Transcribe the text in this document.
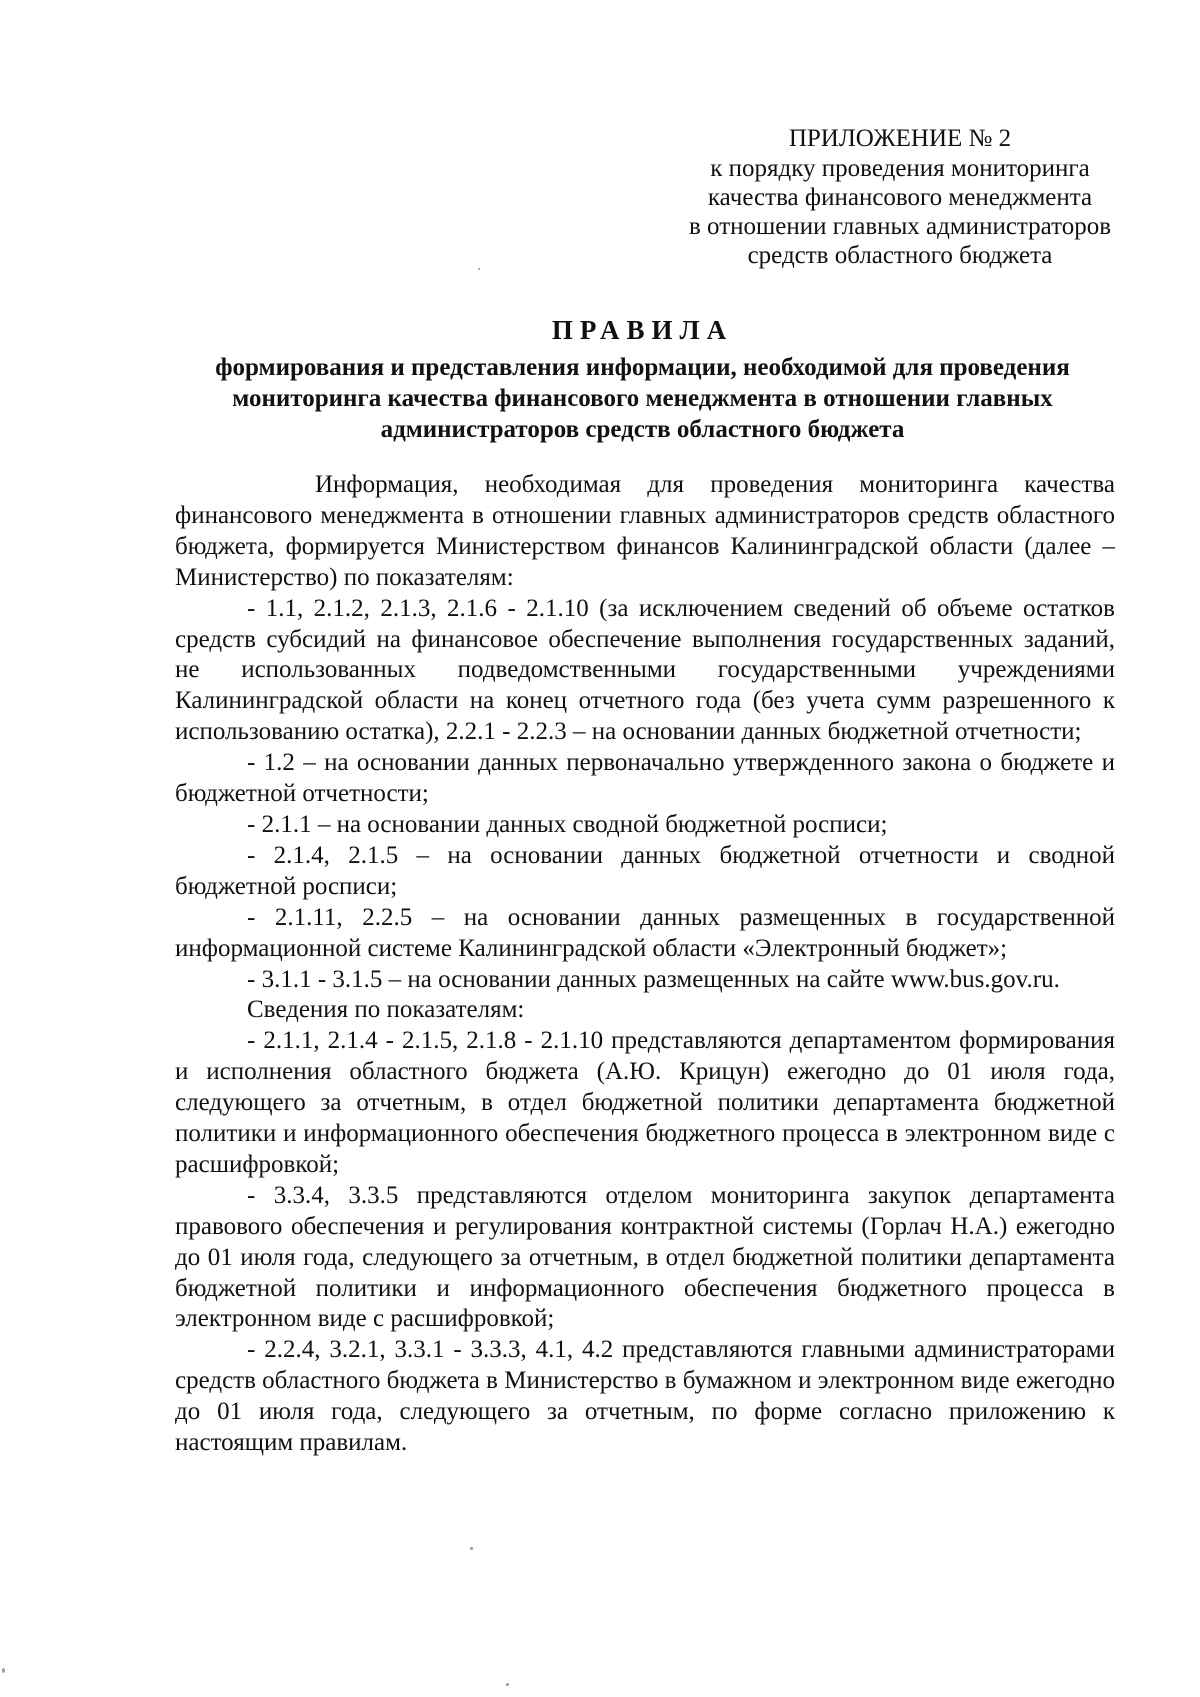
ПРИЛОЖЕНИЕ № 2
к порядку проведения мониторинга
качества финансового менеджмента
в отношении главных администраторов
средств областного бюджета
ПРАВИЛА
формирования и представления информации, необходимой для проведения мониторинга качества финансового менеджмента в отношении главных администраторов средств областного бюджета

Информация, необходимая для проведения мониторинга качества финансового менеджмента в отношении главных администраторов средств областного бюджета, формируется Министерством финансов Калининградской области (далее – Министерство) по показателям:

- 1.1, 2.1.2, 2.1.3, 2.1.6 - 2.1.10 (за исключением сведений об объеме остатков средств субсидий на финансовое обеспечение выполнения государственных заданий, не использованных подведомственными государственными учреждениями Калининградской области на конец отчетного года (без учета сумм разрешенного к использованию остатка), 2.2.1 - 2.2.3 – на основании данных бюджетной отчетности;

- 1.2 – на основании данных первоначально утвержденного закона о бюджете и бюджетной отчетности;

- 2.1.1 – на основании данных сводной бюджетной росписи;

- 2.1.4, 2.1.5 – на основании данных бюджетной отчетности и сводной бюджетной росписи;

- 2.1.11, 2.2.5 – на основании данных размещенных в государственной информационной системе Калининградской области «Электронный бюджет»;

- 3.1.1 - 3.1.5 – на основании данных размещенных на сайте www.bus.gov.ru.

Сведения по показателям:

- 2.1.1, 2.1.4 - 2.1.5, 2.1.8 - 2.1.10 представляются департаментом формирования и исполнения областного бюджета (А.Ю. Крицун) ежегодно до 01 июля года, следующего за отчетным, в отдел бюджетной политики департамента бюджетной политики и информационного обеспечения бюджетного процесса в электронном виде с расшифровкой;

- 3.3.4, 3.3.5 представляются отделом мониторинга закупок департамента правового обеспечения и регулирования контрактной системы (Горлач Н.А.) ежегодно до 01 июля года, следующего за отчетным, в отдел бюджетной политики департамента бюджетной политики и информационного обеспечения бюджетного процесса в электронном виде с расшифровкой;

- 2.2.4, 3.2.1, 3.3.1 - 3.3.3, 4.1, 4.2 представляются главными администраторами средств областного бюджета в Министерство в бумажном и электронном виде ежегодно до 01 июля года, следующего за отчетным, по форме согласно приложению к настоящим правилам.
